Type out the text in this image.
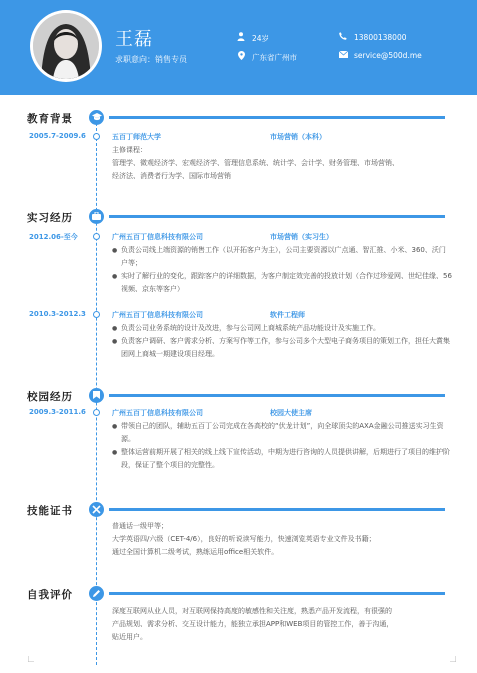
王磊
求职意向：销售专员
24岁
广东省广州市
13800138000
service@500d.me
教育背景
2005.7-2009.6	五百丁师范大学	市场营销（本科）
主修课程：
管理学、微观经济学、宏观经济学、管理信息系统、统计学、会计学、财务管理、市场营销、
经济法、消费者行为学、国际市场营销
实习经历
2012.06-至今	广州五百丁信息科技有限公司	市场营销（实习生）
● 负责公司线上端资源的销售工作（以开拓客户为主），公司主要资源以广点通、智汇推、小米、360、沃门户等；
● 实时了解行业的变化，跟踪客户的详细数据，为客户制定效完善的投放计划（合作过珍爱网、世纪佳缘、56视频、京东等客户）
2010.3-2012.3	广州五百丁信息科技有限公司	软件工程师
● 负责公司业务系统的设计及改进，参与公司网上商城系统产品功能设计及实施工作。
● 负责客户调研、客户需求分析、方案写作等工作，参与公司多个大型电子商务项目的策划工作，担任大賞集团网上商城一期建设项目经理。
校园经历
2009.3-2011.6	广州五百丁信息科技有限公司	校园大使主席
● 带领自己的团队，辅助五百丁公司完成在各高校的“伏龙计划”，向全球顶尖的AXA金融公司推送实习生资源。
● 整体运营前期开展了相关的线上线下宣传活动，中期为进行咨询的人员提供讲解，后期进行了项目的维护阶段，保证了整个项目的完整性。
技能证书
普通话一级甲等；
大学英语四/六级（CET-4/6），良好的听说读写能力，快速浏览英语专业文件及书籍；
通过全国计算机二级考试，熟练运用office相关软件。
自我评价
深度互联网从业人员，对互联网保持高度的敏感性和关注度，熟悉产品开发流程，有很强的
产品规划、需求分析、交互设计能力，能独立承担APP和WEB项目的管控工作，善于沟通，
贴近用户。
